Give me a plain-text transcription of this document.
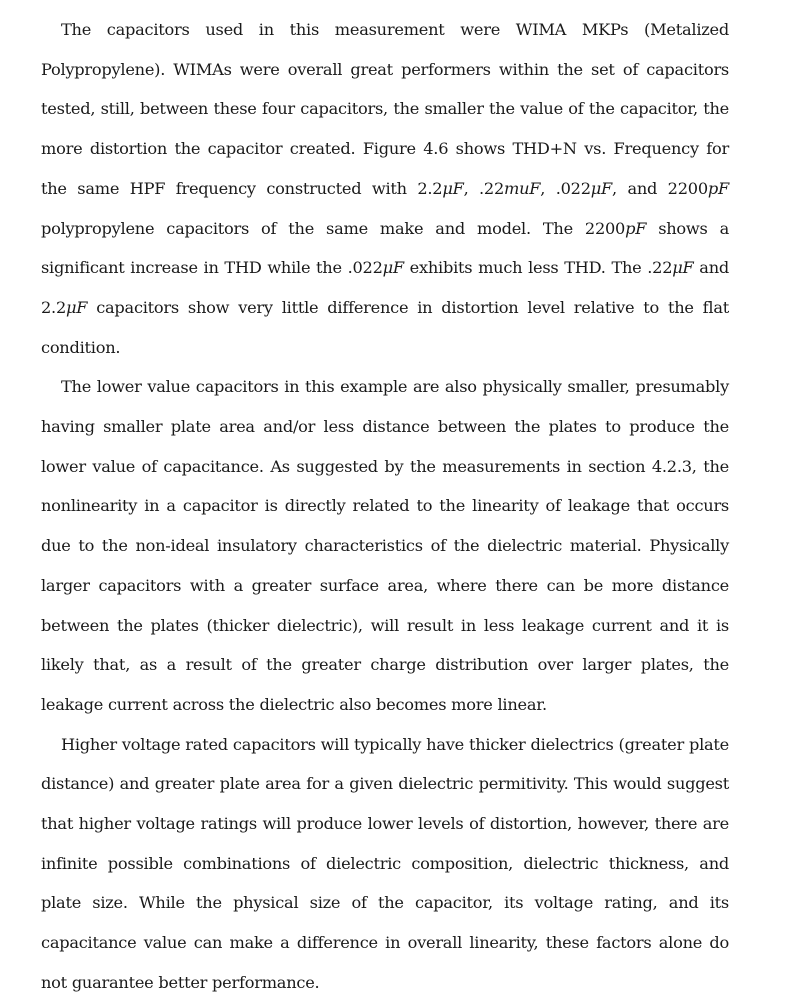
The capacitors used in this measurement were WIMA MKPs (Metalized Polypropylene). WIMAs were overall great performers within the set of capacitors tested, still, between these four capacitors, the smaller the value of the capacitor, the more distortion the capacitor created. Figure 4.6 shows THD+N vs. Frequency for the same HPF frequency constructed with 2.2μF, .22muF, .022μF, and 2200pF polypropylene capacitors of the same make and model. The 2200pF shows a significant increase in THD while the .022μF exhibits much less THD. The .22μF and 2.2μF capacitors show very little difference in distortion level relative to the flat condition.

The lower value capacitors in this example are also physically smaller, presumably having smaller plate area and/or less distance between the plates to produce the lower value of capacitance. As suggested by the measurements in section 4.2.3, the nonlinearity in a capacitor is directly related to the linearity of leakage that occurs due to the non-ideal insulatory characteristics of the dielectric material. Physically larger capacitors with a greater surface area, where there can be more distance between the plates (thicker dielectric), will result in less leakage current and it is likely that, as a result of the greater charge distribution over larger plates, the leakage current across the dielectric also becomes more linear.

Higher voltage rated capacitors will typically have thicker dielectrics (greater plate distance) and greater plate area for a given dielectric permitivity. This would suggest that higher voltage ratings will produce lower levels of distortion, however, there are infinite possible combinations of dielectric composition, dielectric thickness, and plate size. While the physical size of the capacitor, its voltage rating, and its capacitance value can make a difference in overall linearity, these factors alone do not guarantee better performance.
